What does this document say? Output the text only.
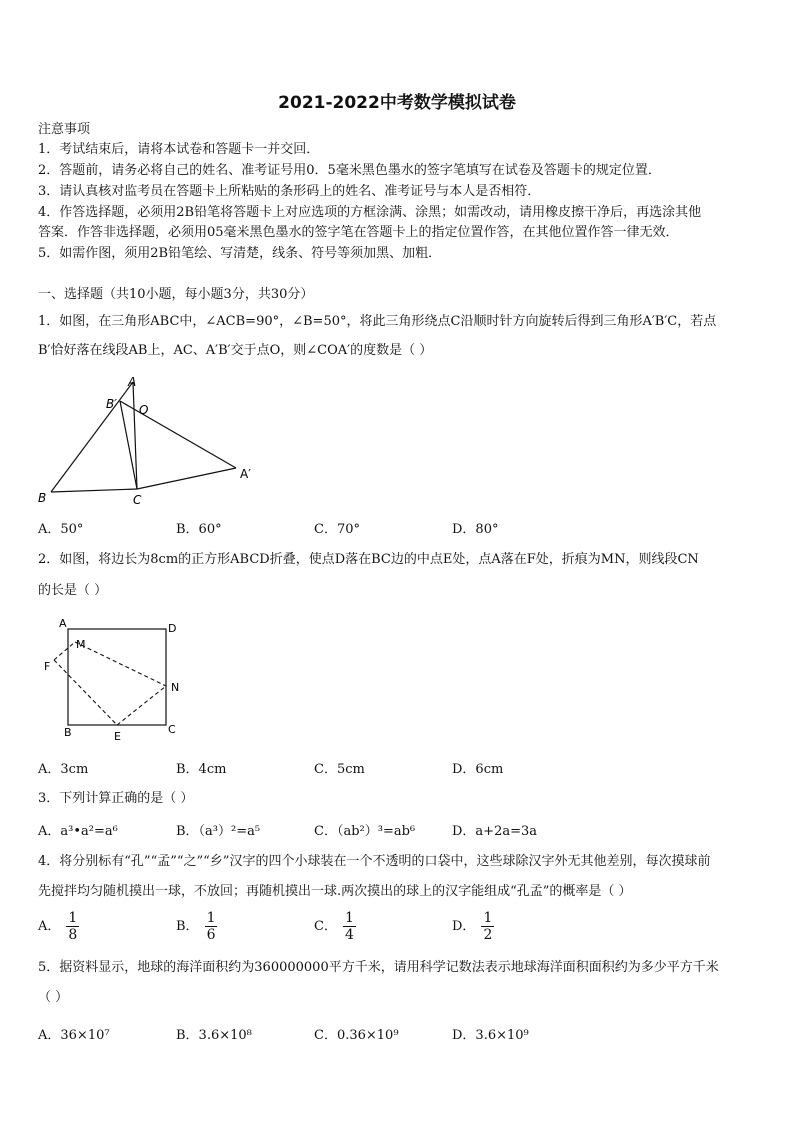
2021-2022中考数学模拟试卷
注意事项
1．考试结束后，请将本试卷和答题卡一并交回．
2．答题前，请务必将自己的姓名、准考证号用0．5毫米黑色墨水的签字笔填写在试卷及答题卡的规定位置．
3．请认真核对监考员在答题卡上所粘贴的条形码上的姓名、准考证号与本人是否相符．
4．作答选择题，必须用2B铅笔将答题卡上对应选项的方框涂满、涂黑；如需改动，请用橡皮擦干净后，再选涂其他
答案．作答非选择题，必须用05毫米黑色墨水的签字笔在答题卡上的指定位置作答，在其他位置作答一律无效．
5．如需作图，须用2B铅笔绘、写清楚，线条、符号等须加黑、加粗．
一、选择题（共10小题，每小题3分，共30分）
1．如图，在三角形ABC中，∠ACB=90°，∠B=50°，将此三角形绕点C沿顺时针方向旋转后得到三角形A′B′C，若点
B′恰好落在线段AB上，AC、A′B′交于点O，则∠COA′的度数是（ ）
A
B′ O
A′
B	C
A．50°	B．60°	C．70°	D．80°
2．如图，将边长为8cm的正方形ABCD折叠，使点D落在BC边的中点E处，点A落在F处，折痕为MN，则线段CN
的长是（ ）
A	D
M
F
N
B	E
C
A．3cm	B．4cm	C．5cm	D．6cm
3．下列计算正确的是（ ）
A．a³•a²=a⁶	B．（a³）²=a⁵	C．（ab²）³=ab⁶	D．a+2a=3a
4．将分别标有“孔”“孟”“之”“乡”汉字的四个小球装在一个不透明的口袋中，这些球除汉字外无其他差别，每次摸球前
先搅拌均匀随机摸出一球，不放回；再随机摸出一球.两次摸出的球上的汉字能组成“孔孟”的概率是（ ）
A． $\frac{1}{8}$	B． $\frac{1}{6}$	C． $\frac{1}{4}$	D． $\frac{1}{2}$
5．据资料显示，地球的海洋面积约为360000000平方千米，请用科学记数法表示地球海洋面积面积约为多少平方千米
（ ）
A．36×10⁷	B．3.6×10⁸	C．0.36×10⁹	D．3.6×10⁹
